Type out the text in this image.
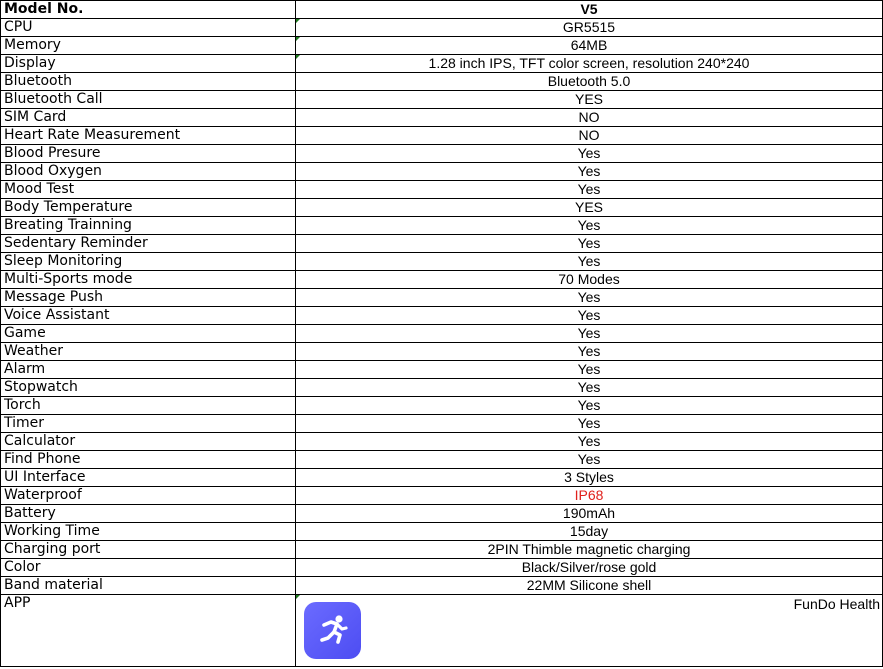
Model No.	V5
CPU	GR5515
Memory	64MB
Display	1.28 inch IPS, TFT color screen, resolution 240*240
Bluetooth	Bluetooth 5.0
Bluetooth Call	YES
SIM Card	NO
Heart Rate Measurement	NO
Blood Presure	Yes
Blood Oxygen	Yes
Mood Test	Yes
Body Temperature	YES
Breating Trainning	Yes
Sedentary Reminder	Yes
Sleep Monitoring	Yes
Multi-Sports mode	70 Modes
Message Push	Yes
Voice Assistant	Yes
Game	Yes
Weather	Yes
Alarm	Yes
Stopwatch	Yes
Torch	Yes
Timer	Yes
Calculator	Yes
Find Phone	Yes
UI Interface	3 Styles
Waterproof	IP68
Battery	190mAh
Working Time	15day
Charging port	2PIN Thimble magnetic charging
Color	Black/Silver/rose gold
Band material	22MM Silicone shell
APP	FunDo Health
